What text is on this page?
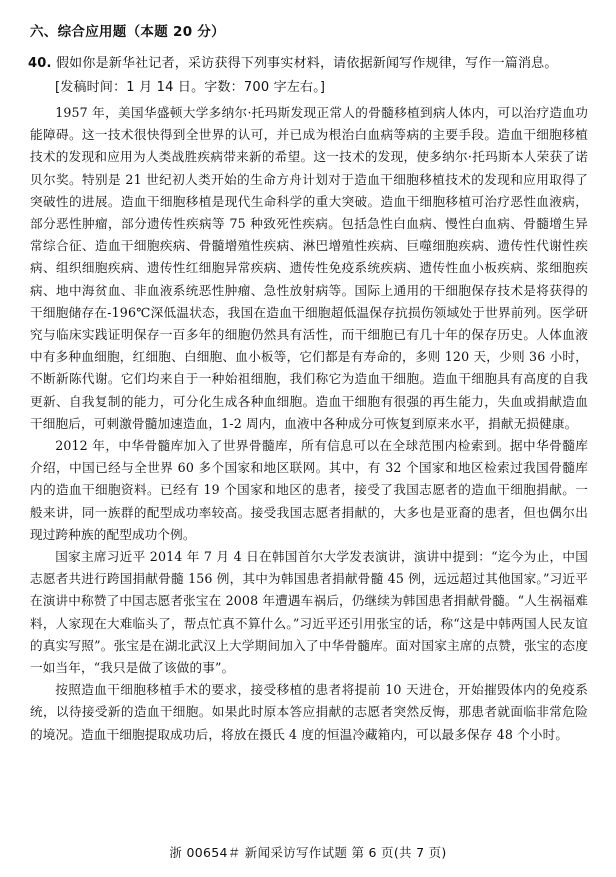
六、综合应用题（本题 20 分）
40. 假如你是新华社记者，采访获得下列事实材料，请依据新闻写作规律，写作一篇消息。
[发稿时间：1 月 14 日。字数：700 字左右。]

1957 年，美国华盛顿大学多纳尔·托玛斯发现正常人的骨髓移植到病人体内，可以治疗造血功能障碍。这一技术很快得到全世界的认可，并已成为根治白血病等病的主要手段。造血干细胞移植技术的发现和应用为人类战胜疾病带来新的希望。这一技术的发现，使多纳尔·托玛斯本人荣获了诺贝尔奖。特别是 21 世纪初人类开始的生命方舟计划对于造血干细胞移植技术的发现和应用取得了突破性的进展。造血干细胞移植是现代生命科学的重大突破。造血干细胞移植可治疗恶性血液病，部分恶性肿瘤，部分遗传性疾病等 75 种致死性疾病。包括急性白血病、慢性白血病、骨髓增生异常综合征、造血干细胞疾病、骨髓增殖性疾病、淋巴增殖性疾病、巨噬细胞疾病、遗传性代谢性疾病、组织细胞疾病、遗传性红细胞异常疾病、遗传性免疫系统疾病、遗传性血小板疾病、浆细胞疾病、地中海贫血、非血液系统恶性肿瘤、急性放射病等。国际上通用的干细胞保存技术是将获得的干细胞储存在-196℃深低温状态，我国在造血干细胞超低温保存抗损伤领域处于世界前列。医学研究与临床实践证明保存一百多年的细胞仍然具有活性，而干细胞已有几十年的保存历史。人体血液中有多种血细胞，红细胞、白细胞、血小板等，它们都是有寿命的，多则 120 天，少则 36 小时，不断新陈代谢。它们均来自于一种始祖细胞，我们称它为造血干细胞。造血干细胞具有高度的自我更新、自我复制的能力，可分化生成各种血细胞。造血干细胞有很强的再生能力，失血或捐献造血干细胞后，可刺激骨髓加速造血，1-2 周内，血液中各种成分可恢复到原来水平，捐献无损健康。

2012 年，中华骨髓库加入了世界骨髓库，所有信息可以在全球范围内检索到。据中华骨髓库介绍，中国已经与全世界 60 多个国家和地区联网。其中，有 32 个国家和地区检索过我国骨髓库内的造血干细胞资料。已经有 19 个国家和地区的患者，接受了我国志愿者的造血干细胞捐献。一般来讲，同一族群的配型成功率较高。接受我国志愿者捐献的，大多也是亚裔的患者，但也偶尔出现过跨种族的配型成功个例。

国家主席习近平 2014 年 7 月 4 日在韩国首尔大学发表演讲，演讲中提到：“迄今为止，中国志愿者共进行跨国捐献骨髓 156 例，其中为韩国患者捐献骨髓 45 例，远远超过其他国家。”习近平在演讲中称赞了中国志愿者张宝在 2008 年遭遇车祸后，仍继续为韩国患者捐献骨髓。“人生祸福难料，人家现在大难临头了，帮点忙真不算什么。”习近平还引用张宝的话，称“这是中韩两国人民友谊的真实写照”。张宝是在湖北武汉上大学期间加入了中华骨髓库。面对国家主席的点赞，张宝的态度一如当年，“我只是做了该做的事”。

按照造血干细胞移植手术的要求，接受移植的患者将提前 10 天进仓，开始摧毁体内的免疫系统，以待接受新的造血干细胞。如果此时原本答应捐献的志愿者突然反悔，那患者就面临非常危险的境况。造血干细胞提取成功后，将放在摄氏 4 度的恒温冷藏箱内，可以最多保存 48 个小时。

浙 00654＃ 新闻采访写作试题 第 6 页(共 7 页)
